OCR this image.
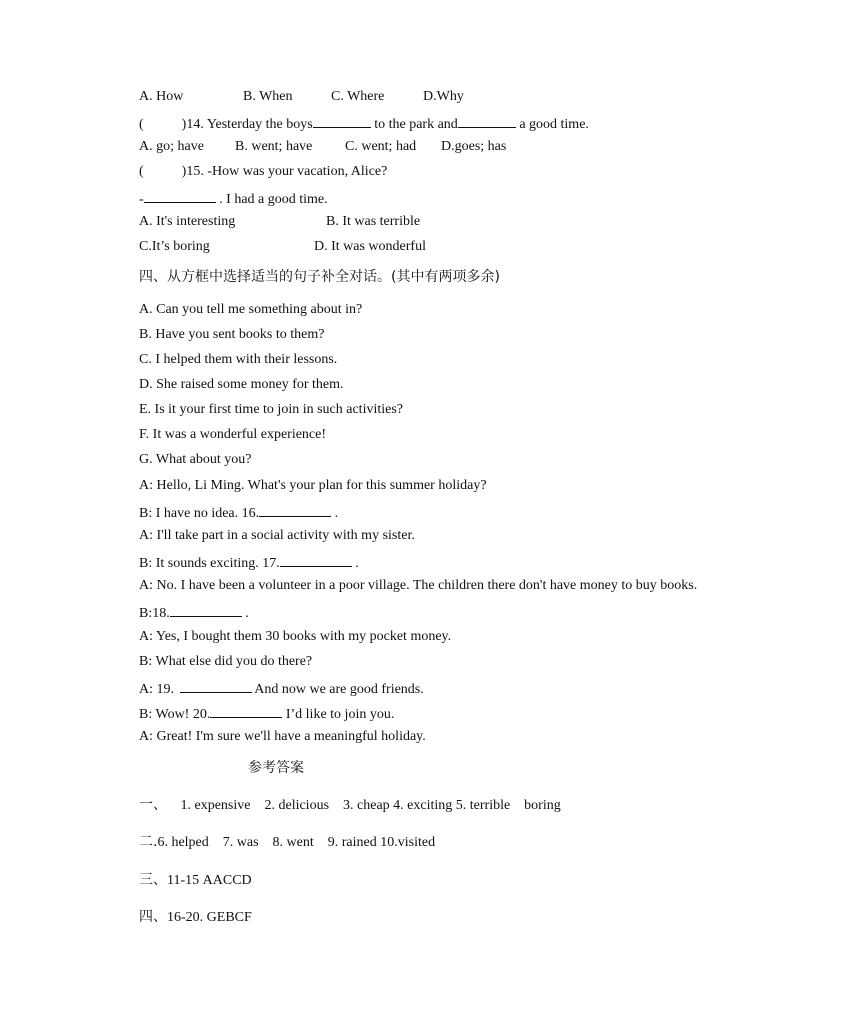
A. How	B. When	C. Where	D.Why
(	)14. Yesterday the boys	to the park and	a good time.
A. go; have B. went; have C. went; had D.goes; has
(	)15. -How was your vacation, Alice?
-	. I had a good time.
A. It's interesting	B. It was terrible
C.It’s boring	D. It was wonderful
四、从方框中选择适当的句子补全对话。(其中有两项多余)
A. Can you tell me something about in?
B. Have you sent books to them?
C. I helped them with their lessons.
D. She raised some money for them.
E. Is it your first time to join in such activities?
F. It was a wonderful experience!
G. What about you?
A: Hello, Li Ming. What's your plan for this summer holiday?
B: I have no idea. 16.	.
A: I'll take part in a social activity with my sister.
B: It sounds exciting. 17.	.
A: No. I have been a volunteer in a poor village. The children there don't have money to buy books.
B:18.	.
A: Yes, I bought them 30 books with my pocket money.
B: What else did you do there?
A: 19.	And now we are good friends.
B: Wow! 20.	I’d like to join you.
A: Great! I'm sure we'll have a meaningful holiday.
参考答案
一、 1. expensive    2. delicious    3. cheap 4. exciting 5. terrible    boring
二.6. helped    7. was    8. went    9. rained 10.visited
三、11-15 AACCD
四、16-20. GEBCF
